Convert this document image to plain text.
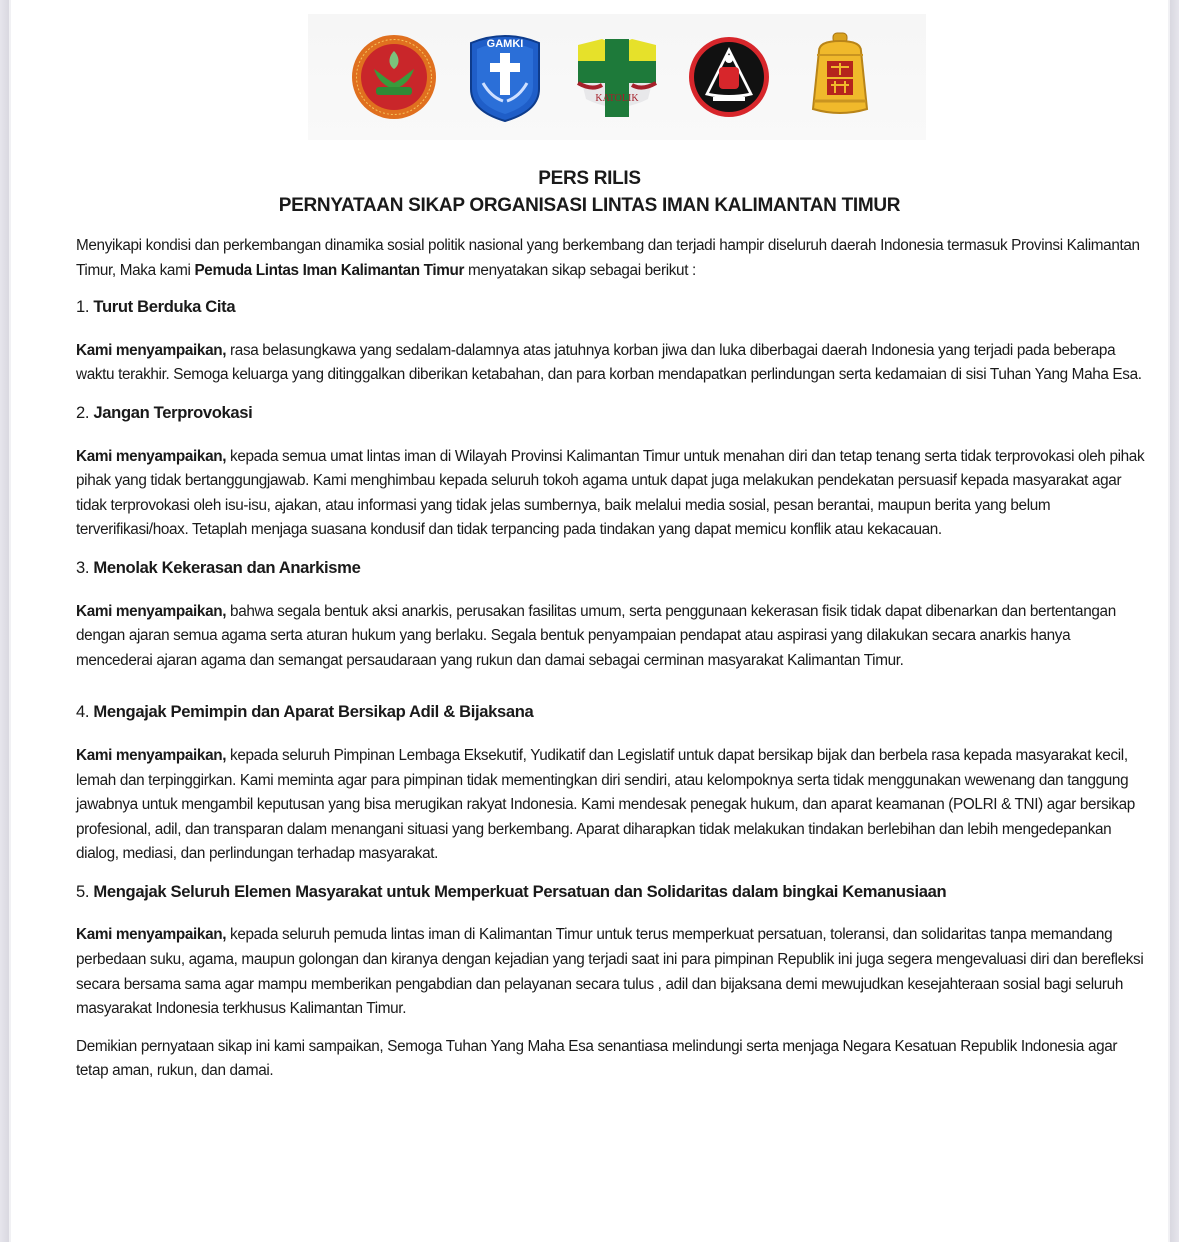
GAMKI
KATOLIK
PERS RILIS
PERNYATAAN SIKAP ORGANISASI LINTAS IMAN KALIMANTAN TIMUR

Menyikapi kondisi dan perkembangan dinamika sosial politik nasional yang berkembang dan terjadi hampir diseluruh daerah Indonesia termasuk Provinsi Kalimantan Timur, Maka kami Pemuda Lintas Iman Kalimantan Timur menyatakan sikap sebagai berikut :

1. Turut Berduka Cita

Kami menyampaikan, rasa belasungkawa yang sedalam-dalamnya atas jatuhnya korban jiwa dan luka diberbagai daerah Indonesia yang terjadi pada beberapa waktu terakhir. Semoga keluarga yang ditinggalkan diberikan ketabahan, dan para korban mendapatkan perlindungan serta kedamaian di sisi Tuhan Yang Maha Esa.

2. Jangan Terprovokasi

Kami menyampaikan, kepada semua umat lintas iman di Wilayah Provinsi Kalimantan Timur untuk menahan diri dan tetap tenang serta tidak terprovokasi oleh pihak pihak yang tidak bertanggungjawab. Kami menghimbau kepada seluruh tokoh agama untuk dapat juga melakukan pendekatan persuasif kepada masyarakat agar tidak terprovokasi oleh isu-isu, ajakan, atau informasi yang tidak jelas sumbernya, baik melalui media sosial, pesan berantai, maupun berita yang belum terverifikasi/hoax. Tetaplah menjaga suasana kondusif dan tidak terpancing pada tindakan yang dapat memicu konflik atau kekacauan.

3. Menolak Kekerasan dan Anarkisme

Kami menyampaikan, bahwa segala bentuk aksi anarkis, perusakan fasilitas umum, serta penggunaan kekerasan fisik tidak dapat dibenarkan dan bertentangan dengan ajaran semua agama serta aturan hukum yang berlaku. Segala bentuk penyampaian pendapat atau aspirasi yang dilakukan secara anarkis hanya mencederai ajaran agama dan semangat persaudaraan yang rukun dan damai sebagai cerminan masyarakat Kalimantan Timur.

4. Mengajak Pemimpin dan Aparat Bersikap Adil & Bijaksana

Kami menyampaikan, kepada seluruh Pimpinan Lembaga Eksekutif, Yudikatif dan Legislatif untuk dapat bersikap bijak dan berbela rasa kepada masyarakat kecil, lemah dan terpinggirkan. Kami meminta agar para pimpinan tidak mementingkan diri sendiri, atau kelompoknya serta tidak menggunakan wewenang dan tanggung jawabnya untuk mengambil keputusan yang bisa merugikan rakyat Indonesia. Kami mendesak penegak hukum, dan aparat keamanan (POLRI & TNI) agar bersikap profesional, adil, dan transparan dalam menangani situasi yang berkembang. Aparat diharapkan tidak melakukan tindakan berlebihan dan lebih mengedepankan dialog, mediasi, dan perlindungan terhadap masyarakat.

5. Mengajak Seluruh Elemen Masyarakat untuk Memperkuat Persatuan dan Solidaritas dalam bingkai Kemanusiaan

Kami menyampaikan, kepada seluruh pemuda lintas iman di Kalimantan Timur untuk terus memperkuat persatuan, toleransi, dan solidaritas tanpa memandang perbedaan suku, agama, maupun golongan dan kiranya dengan kejadian yang terjadi saat ini para pimpinan Republik ini juga segera mengevaluasi diri dan berefleksi secara bersama sama agar mampu memberikan pengabdian dan pelayanan secara tulus , adil dan bijaksana demi mewujudkan kesejahteraan sosial bagi seluruh masyarakat Indonesia terkhusus Kalimantan Timur.

Demikian pernyataan sikap ini kami sampaikan, Semoga Tuhan Yang Maha Esa senantiasa melindungi serta menjaga Negara Kesatuan Republik Indonesia agar tetap aman, rukun, dan damai.
